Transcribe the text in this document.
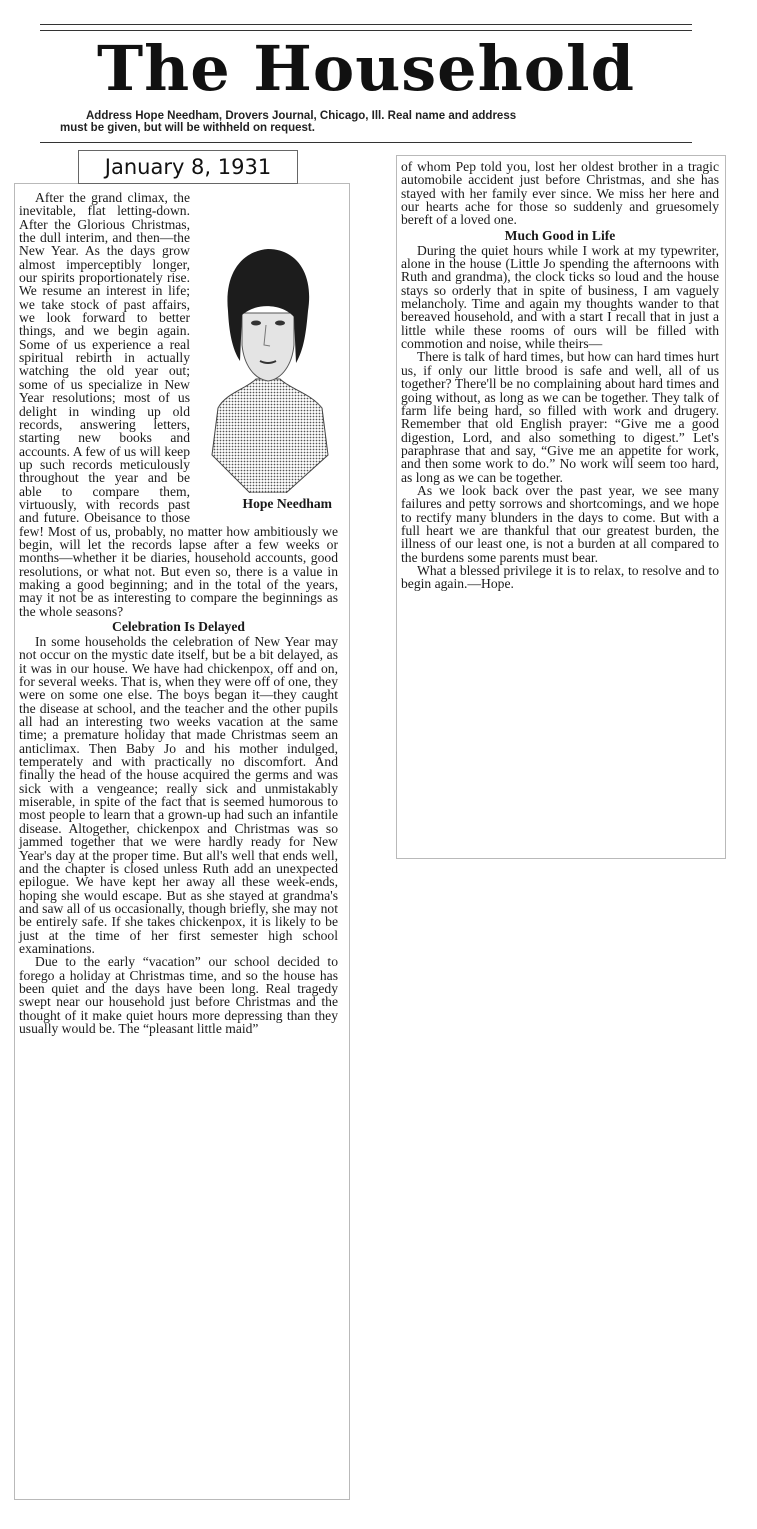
The Household
Address Hope Needham, Drovers Journal, Chicago, Ill. Real name and address
must be given, but will be withheld on request.
January 8, 1931
Hope Needham

After the grand climax, the inevitable, flat letting-down. After the Glorious Christmas, the dull interim, and then—the New Year. As the days grow almost imperceptibly longer, our spirits proportionately rise. We resume an interest in life; we take stock of past affairs, we look forward to better things, and we begin again. Some of us experience a real spiritual rebirth in actually watching the old year out; some of us specialize in New Year resolutions; most of us delight in winding up old records, answering letters, starting new books and accounts. A few of us will keep up such records meticulously throughout the year and be able to compare them, virtuously, with records past and future. Obeisance to those few! Most of us, probably, no matter how ambitiously we begin, will let the records lapse after a few weeks or months—whether it be diaries, household accounts, good resolutions, or what not. But even so, there is a value in making a good beginning; and in the total of the years, may it not be as interesting to compare the beginnings as the whole seasons?

Celebration Is Delayed

In some households the celebration of New Year may not occur on the mystic date itself, but be a bit delayed, as it was in our house. We have had chickenpox, off and on, for several weeks. That is, when they were off of one, they were on some one else. The boys began it—they caught the disease at school, and the teacher and the other pupils all had an interesting two weeks vacation at the same time; a premature holiday that made Christmas seem an anticlimax. Then Baby Jo and his mother indulged, temperately and with practically no discomfort. And finally the head of the house acquired the germs and was sick with a vengeance; really sick and unmistakably miserable, in spite of the fact that is seemed humorous to most people to learn that a grown-up had such an infantile disease. Altogether, chickenpox and Christmas was so jammed together that we were hardly ready for New Year's day at the proper time. But all's well that ends well, and the chapter is closed unless Ruth add an unexpected epilogue. We have kept her away all these week-ends, hoping she would escape. But as she stayed at grandma's and saw all of us occasionally, though briefly, she may not be entirely safe. If she takes chickenpox, it is likely to be just at the time of her first semester high school examinations.

Due to the early “vacation” our school decided to forego a holiday at Christmas time, and so the house has been quiet and the days have been long. Real tragedy swept near our household just before Christmas and the thought of it make quiet hours more depressing than they usually would be. The “pleasant little maid”

of whom Pep told you, lost her oldest brother in a tragic automobile accident just before Christmas, and she has stayed with her family ever since. We miss her here and our hearts ache for those so suddenly and gruesomely bereft of a loved one.

Much Good in Life

During the quiet hours while I work at my typewriter, alone in the house (Little Jo spending the afternoons with Ruth and grandma), the clock ticks so loud and the house stays so orderly that in spite of business, I am vaguely melancholy. Time and again my thoughts wander to that bereaved household, and with a start I recall that in just a little while these rooms of ours will be filled with commotion and noise, while theirs—

There is talk of hard times, but how can hard times hurt us, if only our little brood is safe and well, all of us together? There'll be no complaining about hard times and going without, as long as we can be together. They talk of farm life being hard, so filled with work and drugery. Remember that old English prayer: “Give me a good digestion, Lord, and also something to digest.” Let's paraphrase that and say, “Give me an appetite for work, and then some work to do.” No work will seem too hard, as long as we can be together.

As we look back over the past year, we see many failures and petty sorrows and shortcomings, and we hope to rectify many blunders in the days to come. But with a full heart we are thankful that our greatest burden, the illness of our least one, is not a burden at all compared to the burdens some parents must bear.

What a blessed privilege it is to relax, to resolve and to begin again.—Hope.
